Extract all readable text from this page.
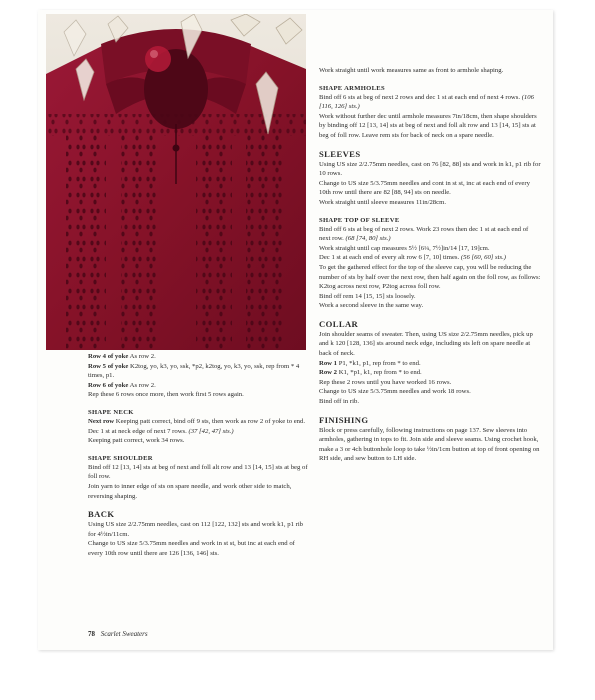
Row 4 of yoke As row 2.

Row 5 of yoke K2tog, yo, k3, yo, ssk, *p2, k2tog, yo, k3, yo, ssk, rep from * 4 times, p1.

Row 6 of yoke As row 2.

Rep these 6 rows once more, then work first 5 rows again.

SHAPE NECK

Next row Keeping patt correct, bind off 9 sts, then work as row 2 of yoke to end.

Dec 1 st at neck edge of next 7 rows. (37 [42, 47] sts.)

Keeping patt correct, work 34 rows.

SHAPE SHOULDER

Bind off 12 [13, 14] sts at beg of next and foll alt row and 13 [14, 15] sts at beg of foll row.

Join yarn to inner edge of sts on spare needle, and work other side to match, reversing shaping.

BACK

Using US size 2/2.75mm needles, cast on 112 [122, 132] sts and work k1, p1 rib for 4½in/11cm.

Change to US size 5/3.75mm needles and work in st st, but inc at each end of every 10th row until there are 126 [136, 146] sts.

Work straight until work measures same as front to armhole shaping.

SHAPE ARMHOLES

Bind off 6 sts at beg of next 2 rows and dec 1 st at each end of next 4 rows. (106 [116, 126] sts.)

Work without further dec until armhole measures 7in/18cm, then shape shoulders by binding off 12 [13, 14] sts at beg of next and foll alt row and 13 [14, 15] sts at beg of foll row. Leave rem sts for back of neck on a spare needle.

SLEEVES

Using US size 2/2.75mm needles, cast on 76 [82, 88] sts and work in k1, p1 rib for 10 rows.

Change to US size 5/3.75mm needles and cont in st st, inc at each end of every 10th row until there are 82 [88, 94] sts on needle.

Work straight until sleeve measures 11in/28cm.

SHAPE TOP OF SLEEVE

Bind off 6 sts at beg of next 2 rows. Work 23 rows then dec 1 st at each end of next row. (68 [74, 80] sts.)

Work straight until cap measures 5½ [6¼, 7½]in/14 [17, 19]cm.

Dec 1 st at each end of every alt row 6 [7, 10] times. (56 [60, 60] sts.)

To get the gathered effect for the top of the sleeve cap, you will be reducing the number of sts by half over the next row, then half again on the foll row, as follows: K2tog across next row, P2tog across foll row.

Bind off rem 14 [15, 15] sts loosely.

Work a second sleeve in the same way.

COLLAR

Join shoulder seams of sweater. Then, using US size 2/2.75mm needles, pick up and k 120 [128, 136] sts around neck edge, including sts left on spare needle at back of neck.

Row 1 P1, *k1, p1, rep from * to end.

Row 2 K1, *p1, k1, rep from * to end.

Rep these 2 rows until you have worked 16 rows.

Change to US size 5/3.75mm needles and work 18 rows.

Bind off in rib.

FINISHING

Block or press carefully, following instructions on page 137. Sew sleeves into armholes, gathering in tops to fit. Join side and sleeve seams. Using crochet hook, make a 3 or 4ch buttonhole loop to take ½in/1cm button at top of front opening on RH side, and sew button to LH side.

78 Scarlet Sweaters
